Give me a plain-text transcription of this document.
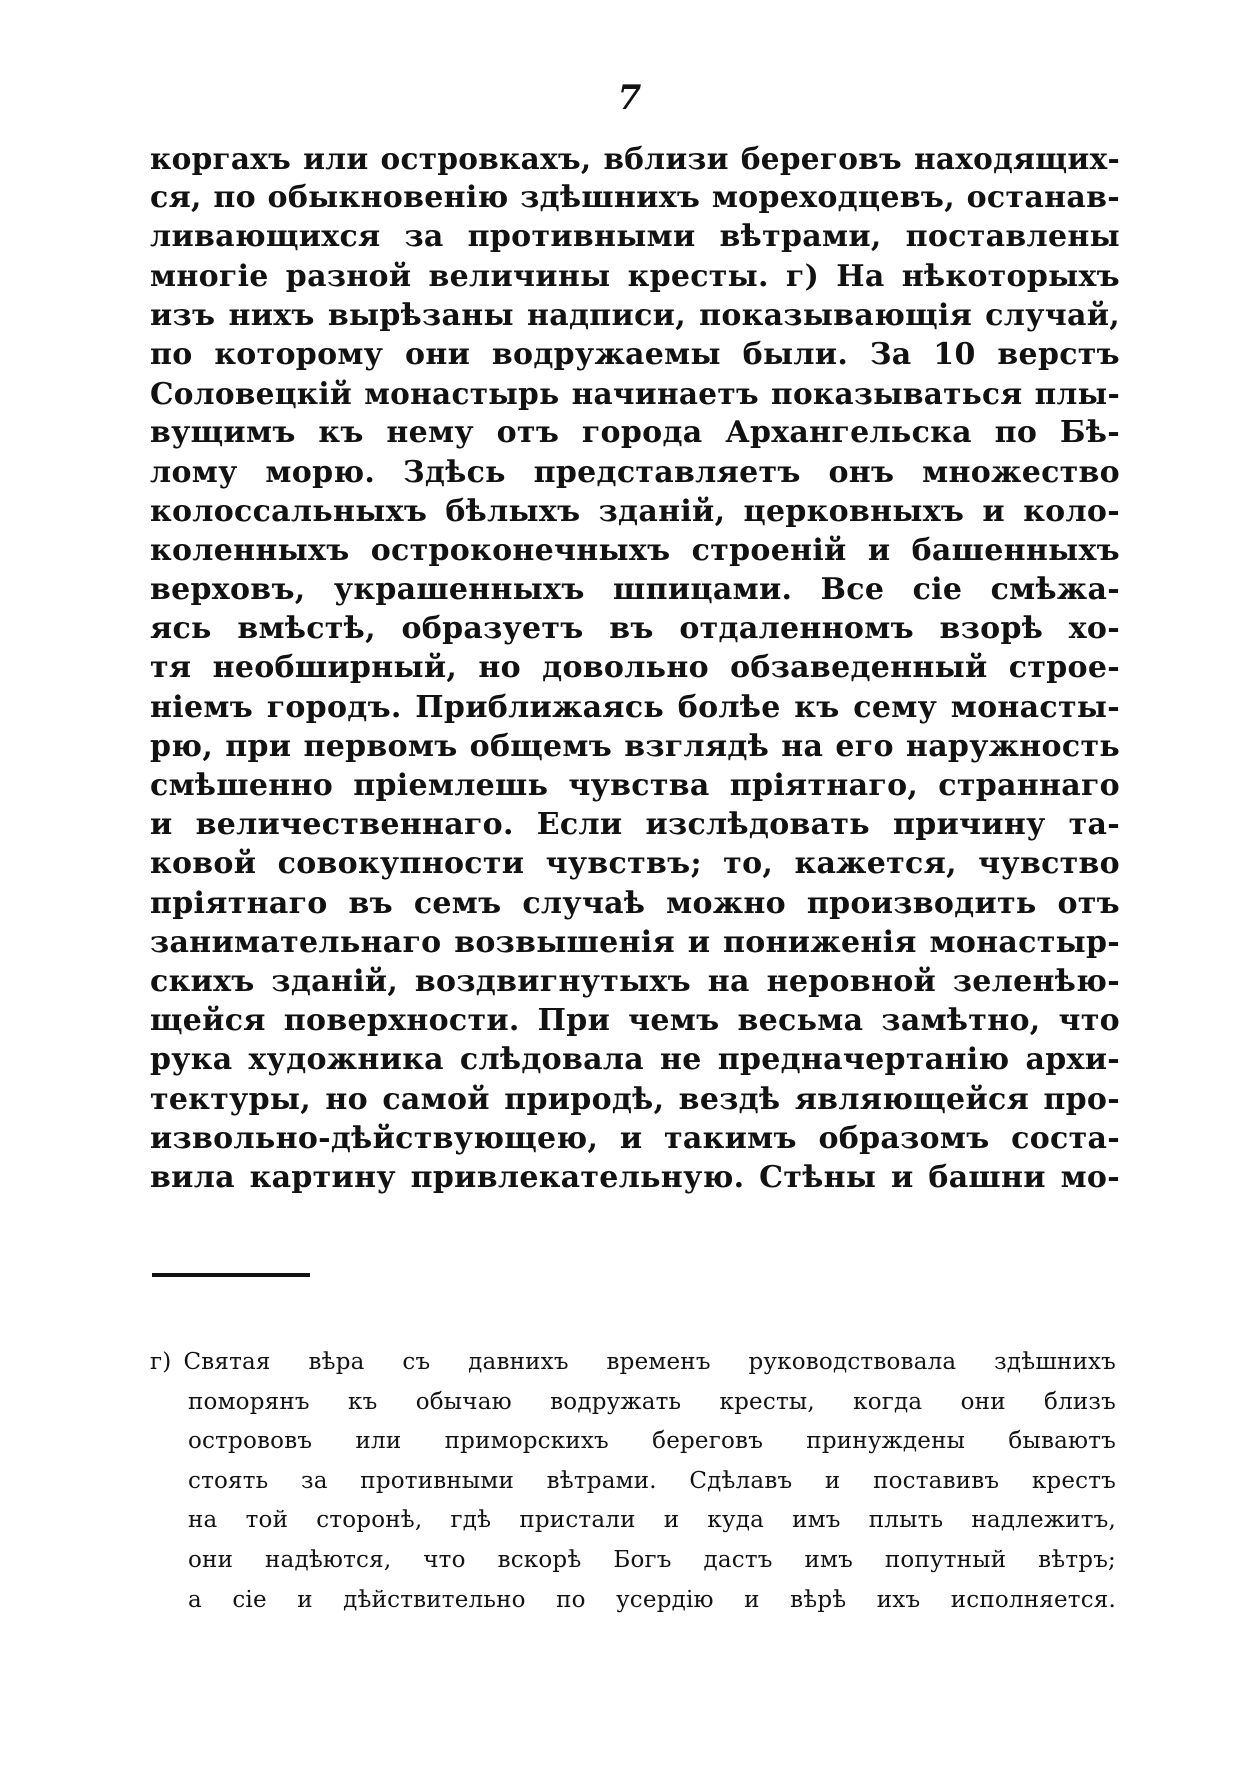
7
коргахъ или островкахъ, вблизи береговъ находящих-
ся, по обыкновенію здѣшнихъ мореходцевъ, останав-
ливающихся за противными вѣтрами, поставлены
многіе разной величины кресты. г) На нѣкоторыхъ
изъ нихъ вырѣзаны надписи, показывающія случай,
по которому они водружаемы были. За 10 верстъ
Соловецкій монастырь начинаетъ показываться плы-
вущимъ къ нему отъ города Архангельска по Бѣ-
лому морю. Здѣсь представляетъ онъ множество
колоссальныхъ бѣлыхъ зданій, церковныхъ и коло-
коленныхъ остроконечныхъ строеній и башенныхъ
верховъ, украшенныхъ шпицами. Все сіе смѣжа-
ясь вмѣстѣ, образуетъ въ отдаленномъ взорѣ хо-
тя необширный, но довольно обзаведенный строе-
ніемъ городъ. Приближаясь болѣе къ сему монасты-
рю, при первомъ общемъ взглядѣ на его наружность
смѣшенно пріемлешь чувства пріятнаго, страннаго
и величественнаго. Если изслѣдовать причину та-
ковой совокупности чувствъ; то, кажется, чувство
пріятнаго въ семъ случаѣ можно производить отъ
занимательнаго возвышенія и пониженія монастыр-
скихъ зданій, воздвигнутыхъ на неровной зеленѣю-
щейся поверхности. При чемъ весьма замѣтно, что
рука художника слѣдовала не предначертанію архи-
тектуры, но самой природѣ, вездѣ являющейся про-
извольно-дѣйствующею, и такимъ образомъ соста-
вила картину привлекательную. Стѣны и башни мо-
г) Святая вѣра съ давнихъ временъ руководствовала здѣшнихъ
поморянъ къ обычаю водружать кресты, когда они близъ
острововъ или приморскихъ береговъ принуждены бываютъ
стоять за противными вѣтрами. Сдѣлавъ и поставивъ крестъ
на той сторонѣ, гдѣ пристали и куда имъ плыть надлежитъ,
они надѣются, что вскорѣ Богъ дастъ имъ попутный вѣтръ;
а сіе и дѣйствительно по усердію и вѣрѣ ихъ исполняется.
